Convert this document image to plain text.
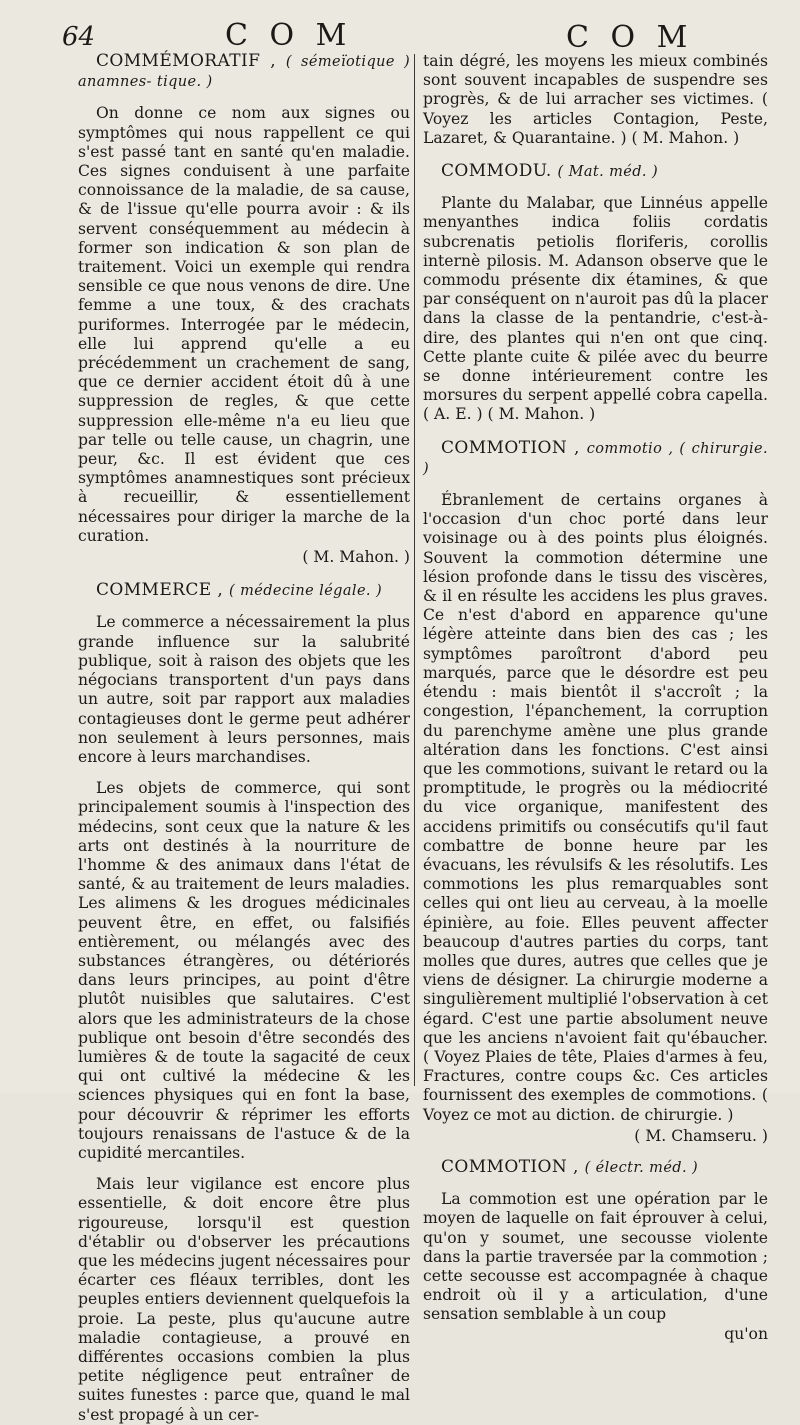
64	C O M	C O M

COMMÉMORATIF , ( sémeïotique ) anamnes- tique. )

On donne ce nom aux signes ou symptômes qui nous rappellent ce qui s'est passé tant en santé qu'en maladie. Ces signes conduisent à une parfaite connoissance de la maladie, de sa cause, & de l'issue qu'elle pourra avoir : & ils servent conséquemment au médecin à former son indication & son plan de traitement. Voici un exemple qui rendra sensible ce que nous venons de dire. Une femme a une toux, & des crachats puriformes. Interrogée par le médecin, elle lui apprend qu'elle a eu précédemment un crachement de sang, que ce dernier accident étoit dû à une suppression de regles, & que cette suppression elle-même n'a eu lieu que par telle ou telle cause, un chagrin, une peur, &c. Il est évident que ces symptômes anamnestiques sont précieux à recueillir, & essentiellement nécessaires pour diriger la marche de la curation.

( M. Mahon. )

COMMERCE , ( médecine légale. )

Le commerce a nécessairement la plus grande influence sur la salubrité publique, soit à raison des objets que les négocians transportent d'un pays dans un autre, soit par rapport aux maladies contagieuses dont le germe peut adhérer non seulement à leurs personnes, mais encore à leurs marchandises.

Les objets de commerce, qui sont principalement soumis à l'inspection des médecins, sont ceux que la nature & les arts ont destinés à la nourriture de l'homme & des animaux dans l'état de santé, & au traitement de leurs maladies. Les alimens & les drogues médicinales peuvent être, en effet, ou falsifiés entièrement, ou mélangés avec des substances étrangères, ou détériorés dans leurs principes, au point d'être plutôt nuisibles que salutaires. C'est alors que les administrateurs de la chose publique ont besoin d'être secondés des lumières & de toute la sagacité de ceux qui ont cultivé la médecine & les sciences physiques qui en font la base, pour découvrir & réprimer les efforts toujours renaissans de l'astuce & de la cupidité mercantiles.

Mais leur vigilance est encore plus essentielle, & doit encore être plus rigoureuse, lorsqu'il est question d'établir ou d'observer les précautions que les médecins jugent nécessaires pour écarter ces fléaux terribles, dont les peuples entiers deviennent quelquefois la proie. La peste, plus qu'aucune autre maladie contagieuse, a prouvé en différentes occasions combien la plus petite négligence peut entraîner de suites funestes : parce que, quand le mal s'est propagé à un cer-

tain dégré, les moyens les mieux combinés sont souvent incapables de suspendre ses progrès, & de lui arracher ses victimes. ( Voyez les articles Contagion, Peste, Lazaret, & Quarantaine. ) ( M. Mahon. )

COMMODU. ( Mat. méd. )

Plante du Malabar, que Linnéus appelle menyanthes indica foliis cordatis subcrenatis petiolis floriferis, corollis internè pilosis. M. Adanson observe que le commodu présente dix étamines, & que par conséquent on n'auroit pas dû la placer dans la classe de la pentandrie, c'est-à-dire, des plantes qui n'en ont que cinq. Cette plante cuite & pilée avec du beurre se donne intérieurement contre les morsures du serpent appellé cobra capella. ( A. E. ) ( M. Mahon. )

COMMOTION , commotio , ( chirurgie. )

Ébranlement de certains organes à l'occasion d'un choc porté dans leur voisinage ou à des points plus éloignés. Souvent la commotion détermine une lésion profonde dans le tissu des viscères, & il en résulte les accidens les plus graves. Ce n'est d'abord en apparence qu'une légère atteinte dans bien des cas ; les symptômes paroîtront d'abord peu marqués, parce que le désordre est peu étendu : mais bientôt il s'accroît ; la congestion, l'épanchement, la corruption du parenchyme amène une plus grande altération dans les fonctions. C'est ainsi que les commotions, suivant le retard ou la promptitude, le progrès ou la médiocrité du vice organique, manifestent des accidens primitifs ou consécutifs qu'il faut combattre de bonne heure par les évacuans, les révulsifs & les résolutifs. Les commotions les plus remarquables sont celles qui ont lieu au cerveau, à la moelle épinière, au foie. Elles peuvent affecter beaucoup d'autres parties du corps, tant molles que dures, autres que celles que je viens de désigner. La chirurgie moderne a singulièrement multiplié l'observation à cet égard. C'est une partie absolument neuve que les anciens n'avoient fait qu'ébaucher. ( Voyez Plaies de tête, Plaies d'armes à feu, Fractures, contre coups &c. Ces articles fournissent des exemples de commotions. ( Voyez ce mot au diction. de chirurgie. )

( M. Chamseru. )

COMMOTION , ( électr. méd. )

La commotion est une opération par le moyen de laquelle on fait éprouver à celui, qu'on y soumet, une secousse violente dans la partie traversée par la commotion ; cette secousse est accompagnée à chaque endroit où il y a articulation, d'une sensation semblable à un coup

qu'on
